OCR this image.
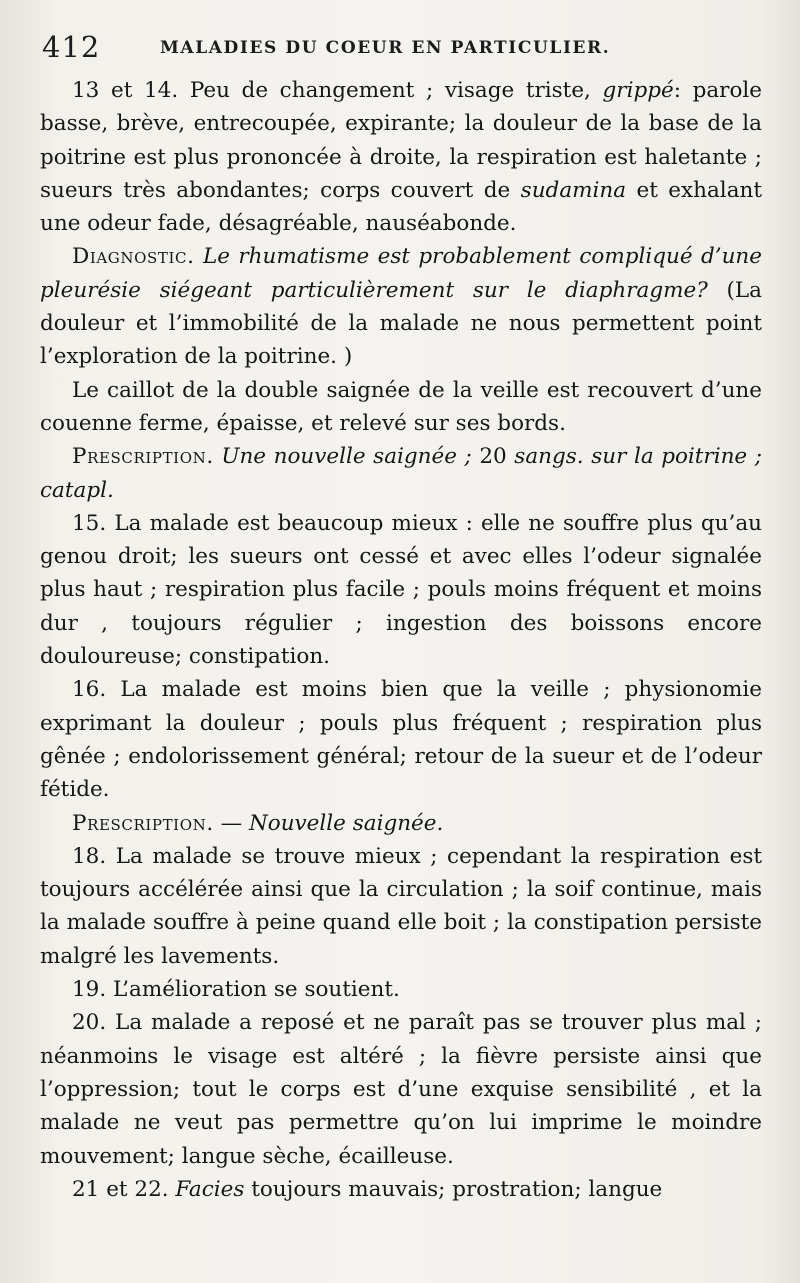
412	MALADIES DU COEUR EN PARTICULIER.

13 et 14. Peu de changement ; visage triste, grippé: parole basse, brève, entrecoupée, expirante; la douleur de la base de la poitrine est plus prononcée à droite, la respiration est haletante ; sueurs très abondantes; corps couvert de sudamina et exhalant une odeur fade, désagréable, nauséabonde.

Diagnostic. Le rhumatisme est probablement compliqué d’une pleurésie siégeant particulièrement sur le diaphragme? (La douleur et l’immobilité de la malade ne nous permettent point l’exploration de la poitrine. )

Le caillot de la double saignée de la veille est recouvert d’une couenne ferme, épaisse, et relevé sur ses bords.

Prescription. Une nouvelle saignée ; 20 sangs. sur la poitrine ; catapl.

15. La malade est beaucoup mieux : elle ne souffre plus qu’au genou droit; les sueurs ont cessé et avec elles l’odeur signalée plus haut ; respiration plus facile ; pouls moins fréquent et moins dur , toujours régulier ; ingestion des boissons encore douloureuse; constipation.

16. La malade est moins bien que la veille ; physionomie exprimant la douleur ; pouls plus fréquent ; respiration plus gênée ; endolorissement général; retour de la sueur et de l’odeur fétide.

Prescription. — Nouvelle saignée.

18. La malade se trouve mieux ; cependant la respiration est toujours accélérée ainsi que la circulation ; la soif continue, mais la malade souffre à peine quand elle boit ; la constipation persiste malgré les lavements.

19. L’amélioration se soutient.

20. La malade a reposé et ne paraît pas se trouver plus mal ; néanmoins le visage est altéré ; la fièvre persiste ainsi que l’oppression; tout le corps est d’une exquise sensibilité , et la malade ne veut pas permettre qu’on lui imprime le moindre mouvement; langue sèche, écailleuse.

21 et 22. Facies toujours mauvais; prostration; langue
